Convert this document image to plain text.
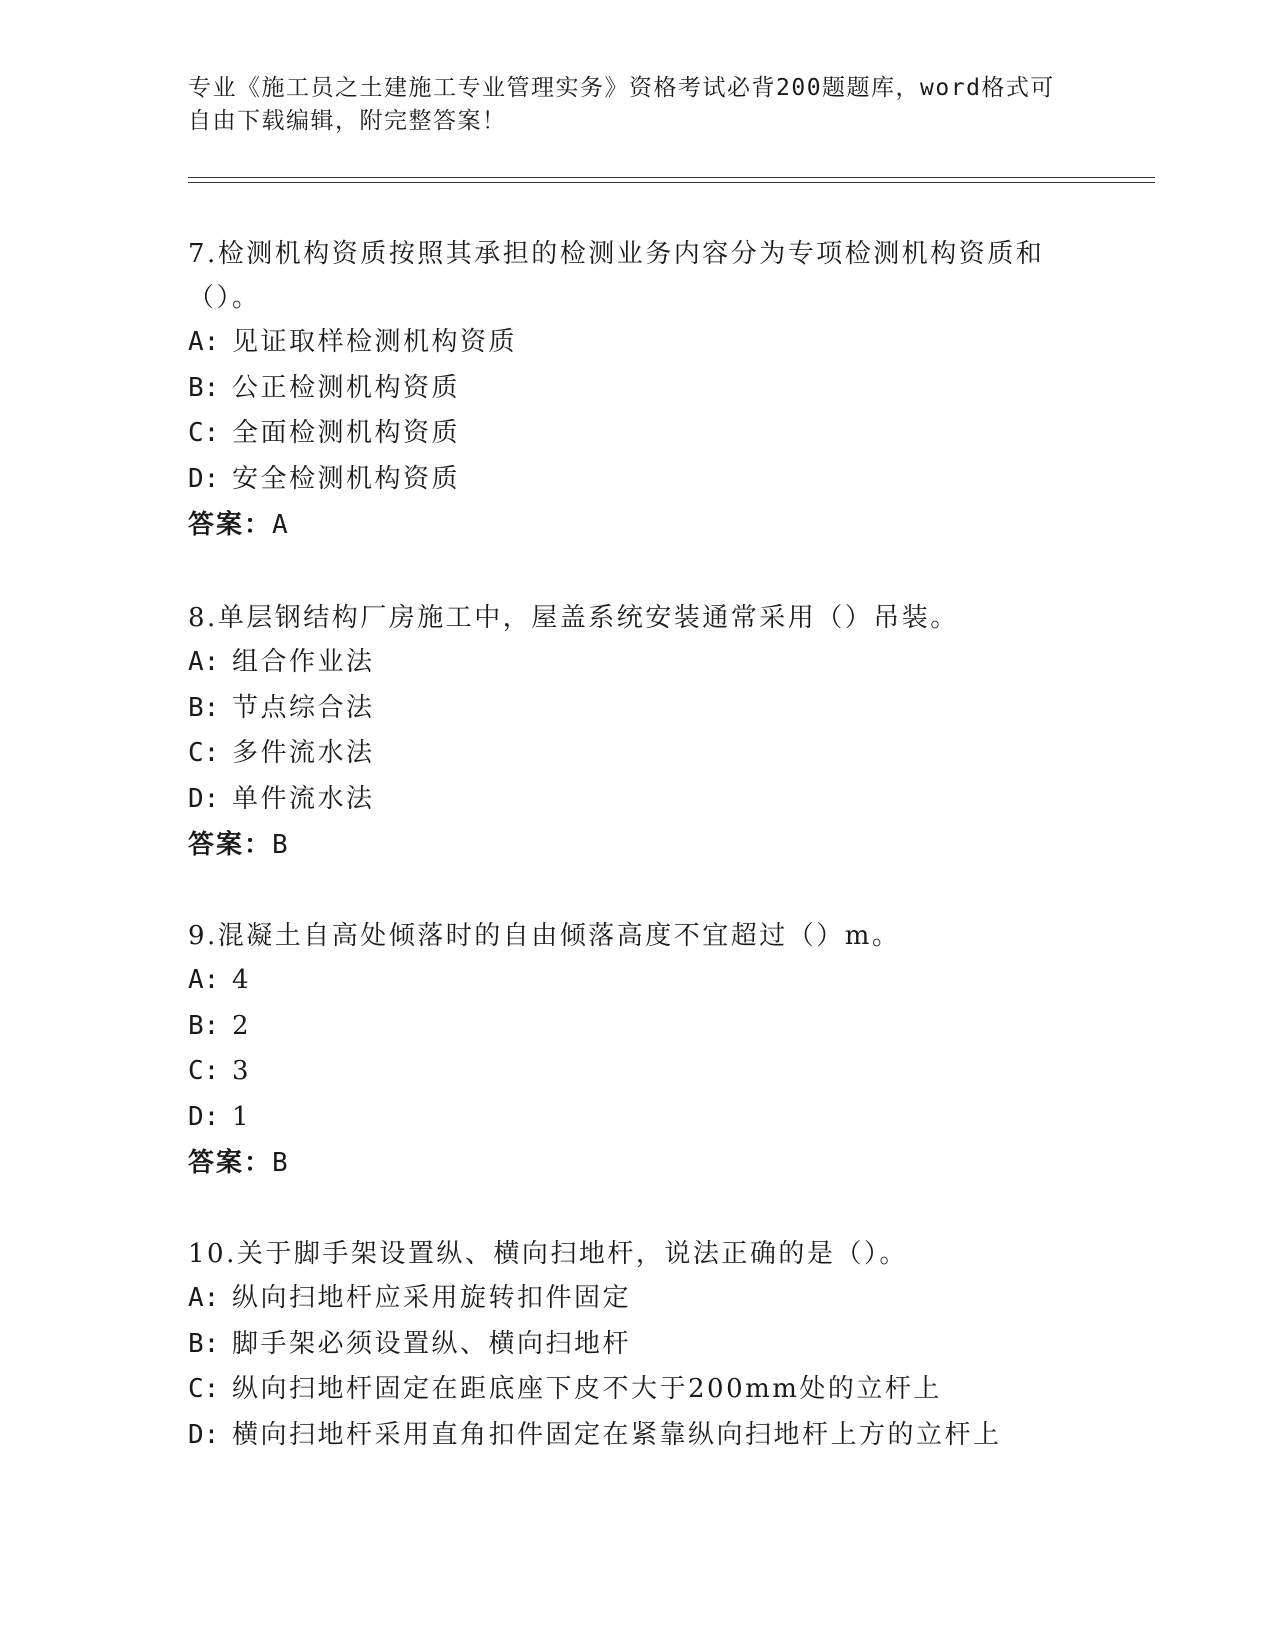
专业《施工员之土建施工专业管理实务》资格考试必背200题题库，word格式可
自由下载编辑，附完整答案！

7.检测机构资质按照其承担的检测业务内容分为专项检测机构资质和（）。

A: 见证取样检测机构资质

B: 公正检测机构资质

C: 全面检测机构资质

D: 安全检测机构资质

答案：A

8.单层钢结构厂房施工中，屋盖系统安装通常采用（）吊装。

A: 组合作业法

B: 节点综合法

C: 多件流水法

D: 单件流水法

答案：B

9.混凝土自高处倾落时的自由倾落高度不宜超过（）m。

A: 4

B: 2

C: 3

D: 1

答案：B

10.关于脚手架设置纵、横向扫地杆，说法正确的是（）。

A: 纵向扫地杆应采用旋转扣件固定

B: 脚手架必须设置纵、横向扫地杆

C: 纵向扫地杆固定在距底座下皮不大于200mm处的立杆上

D: 横向扫地杆采用直角扣件固定在紧靠纵向扫地杆上方的立杆上
